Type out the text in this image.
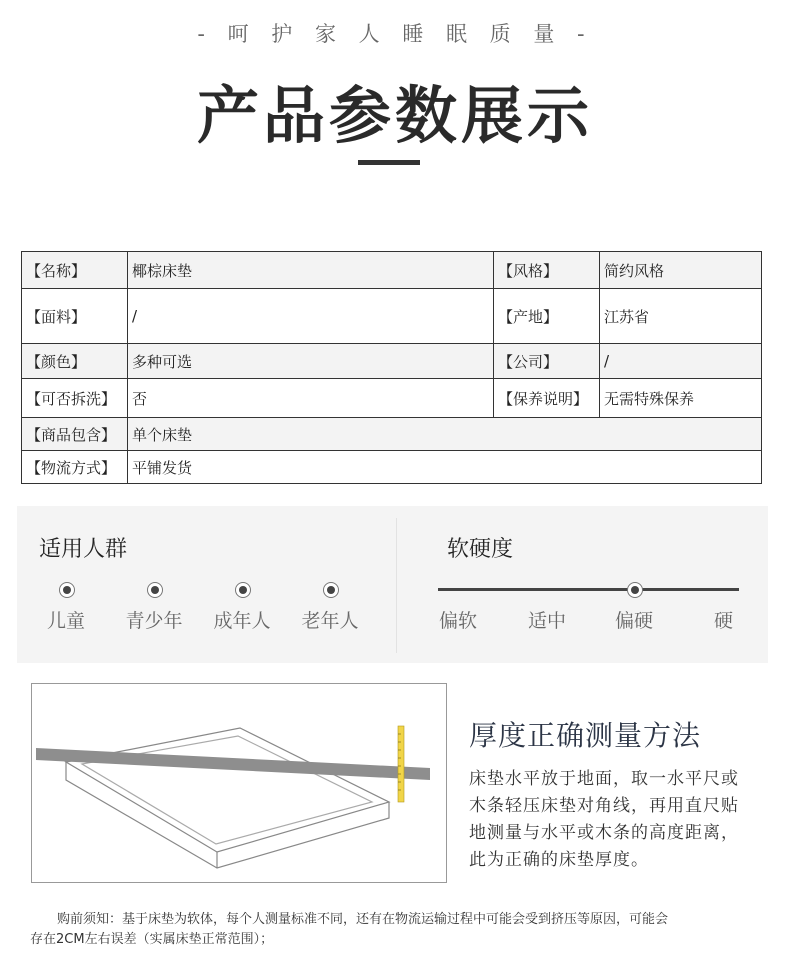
- 呵 护 家 人 睡 眠 质 量 -
产品参数展示
【名称】	椰棕床垫	【风格】	简约风格
【面料】	/	【产地】	江苏省
【颜色】	多种可选	【公司】	/
【可否拆洗】	否	【保养说明】	无需特殊保养
【商品包含】	单个床垫		
【物流方式】	平铺发货		
适用人群
儿童	青少年	成年人	老年人
软硬度
偏软	适中	偏硬	硬
厚度正确测量方法
床垫水平放于地面，取一水平尺或
木条轻压床垫对角线，再用直尺贴
地测量与水平或木条的高度距离，
此为正确的床垫厚度。
购前须知：基于床垫为软体，每个人测量标准不同，还有在物流运输过程中可能会受到挤压等原因，可能会
存在2CM左右误差（实属床垫正常范围）；
